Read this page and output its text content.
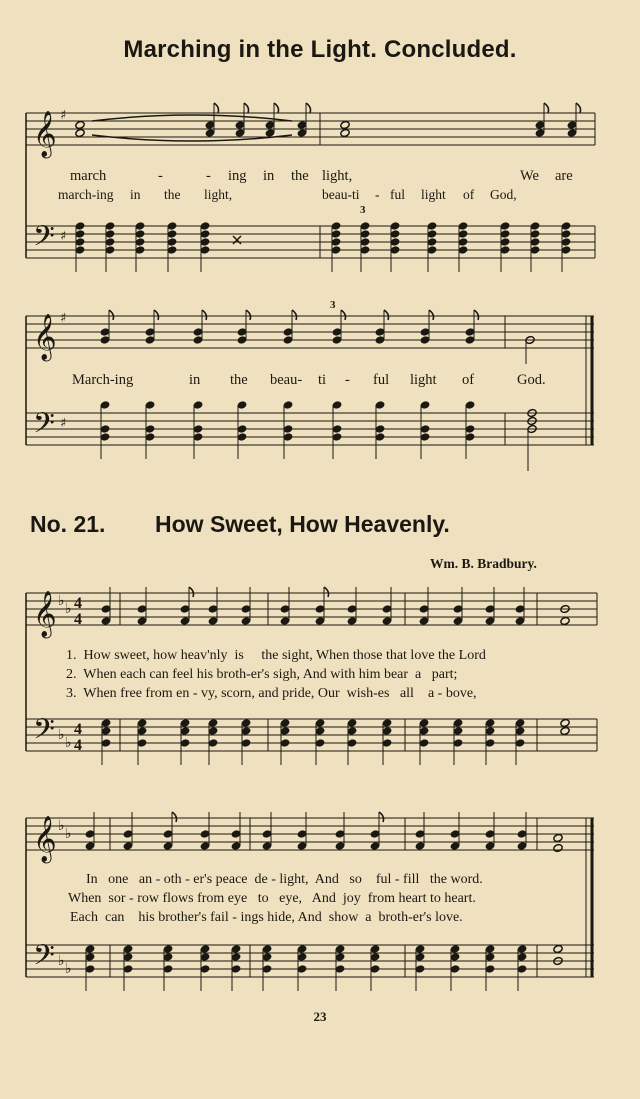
Marching in the Light. Concluded.
𝄞 ♯
𝄢 ♯
3
𝄞 ♯
𝄢 ♯
3
𝄞 ♭ ♭ 4
4
𝄢 ♭ ♭
4
4
𝄞 ♭ ♭
𝄢 ♭ ♭
march	-	- ing in the light,	We are
march-ing in the light,	beau-ti - ful light of God,
March-ing	in the beau- ti - ful light of	God.
No. 21. How Sweet, How Heavenly.
Wm. B. Bradbury.
1.  How sweet, how heav'nly  is     the sight, When those that love the Lord
2.  When each can feel his broth-er's sigh, And with him bear  a   part;
3.  When free from en - vy, scorn, and pride, Our  wish-es   all    a - bove,
In   one   an - oth - er's peace  de - light,  And   so    ful - fill   the word.
When  sor - row flows from eye   to   eye,   And  joy  from heart to heart.
Each  can    his brother's fail - ings hide, And  show  a  broth-er's love.
23
